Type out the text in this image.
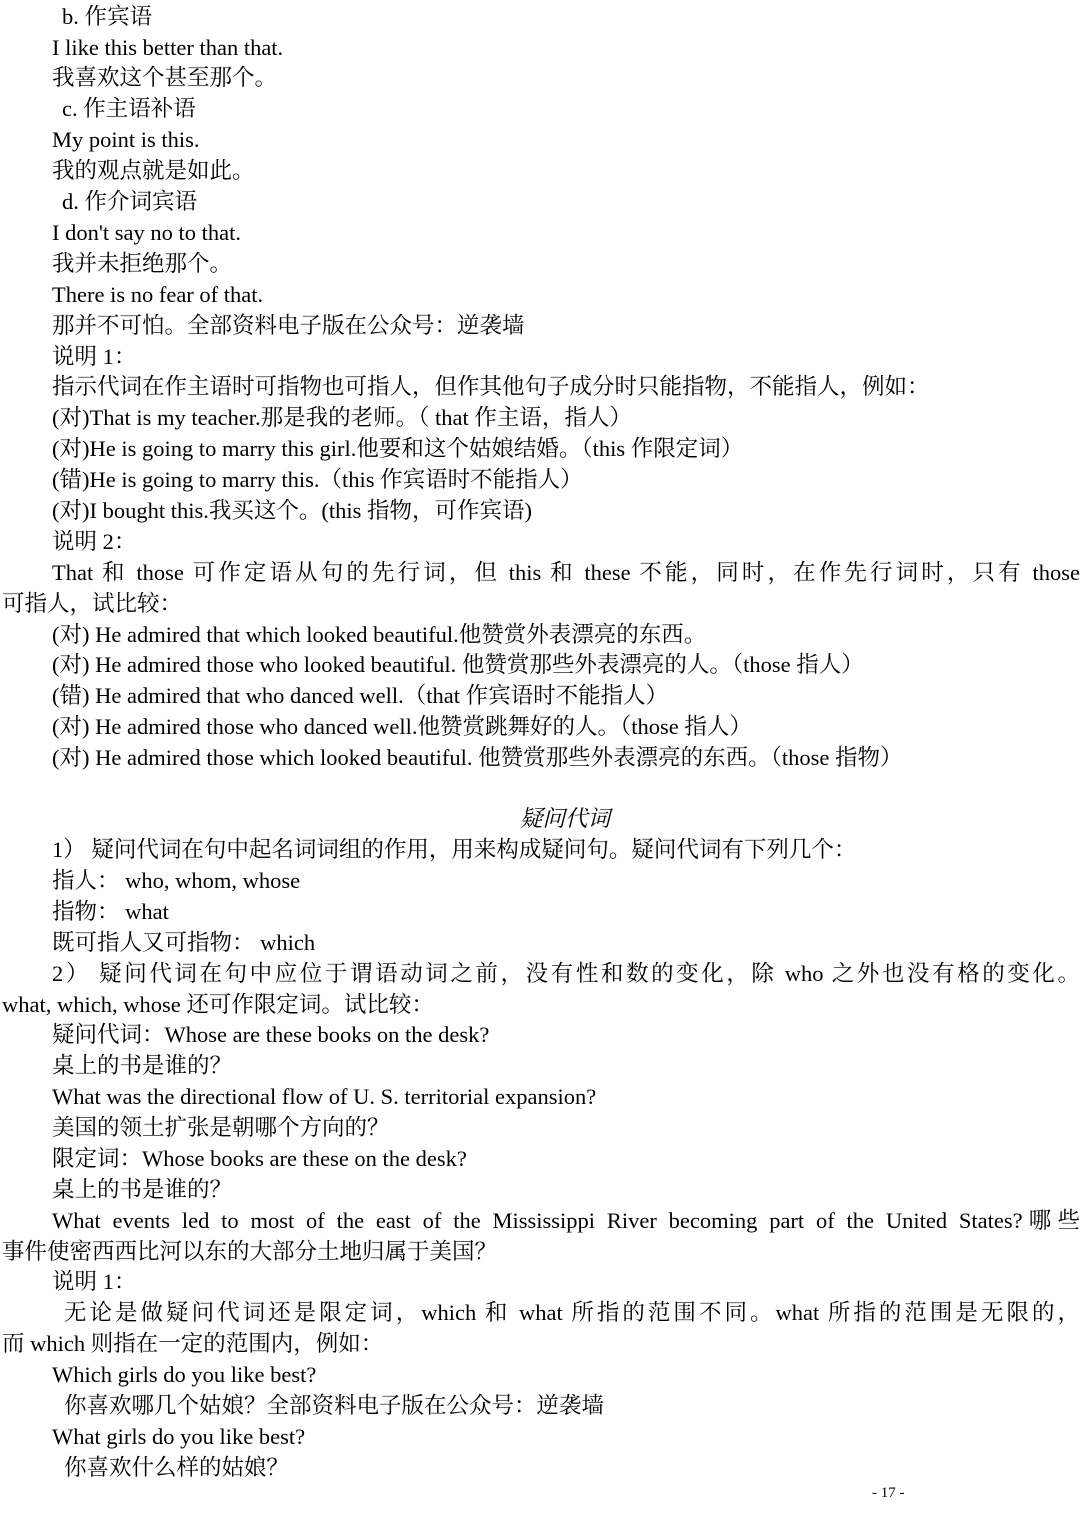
b. 作宾语
I like this better than that.
我喜欢这个甚至那个。
c. 作主语补语
My point is this.
我的观点就是如此。
d. 作介词宾语
I don't say no to that.
我并未拒绝那个。
There is no fear of that.
那并不可怕。全部资料电子版在公众号：逆袭墙
说明 1：
指示代词在作主语时可指物也可指人，但作其他句子成分时只能指物，不能指人，例如：
(对)That is my teacher.那是我的老师。（ that 作主语，指人）
(对)He is going to marry this girl.他要和这个姑娘结婚。（this 作限定词）
(错)He is going to marry this.（this 作宾语时不能指人）
(对)I bought this.我买这个。(this 指物，可作宾语)
说明 2：
That 和 those 可作定语从句的先行词，但 this 和 these 不能，同时，在作先行词时，只有 those
可指人，试比较：
(对) He admired that which looked beautiful.他赞赏外表漂亮的东西。
(对) He admired those who looked beautiful. 他赞赏那些外表漂亮的人。（those 指人）
(错) He admired that who danced well.（that 作宾语时不能指人）
(对) He admired those who danced well.他赞赏跳舞好的人。（those 指人）
(对) He admired those which looked beautiful. 他赞赏那些外表漂亮的东西。（those 指物）
疑问代词
1） 疑问代词在句中起名词词组的作用，用来构成疑问句。疑问代词有下列几个：
指人： who, whom, whose
指物： what
既可指人又可指物： which
2） 疑问代词在句中应位于谓语动词之前，没有性和数的变化，除 who 之外也没有格的变化。
what, which, whose 还可作限定词。试比较：
疑问代词：Whose are these books on the desk?
桌上的书是谁的？
What was the directional flow of U. S. territorial expansion?
美国的领土扩张是朝哪个方向的？
限定词：Whose books are these on the desk?
桌上的书是谁的？
What events led to most of the east of the Mississippi River becoming part of the United States?哪些
事件使密西西比河以东的大部分土地归属于美国？
说明 1：
无论是做疑问代词还是限定词，which 和 what 所指的范围不同。what 所指的范围是无限的，
而 which 则指在一定的范围内，例如：
Which girls do you like best?
你喜欢哪几个姑娘？全部资料电子版在公众号：逆袭墙
What girls do you like best?
你喜欢什么样的姑娘？
- 17 -
